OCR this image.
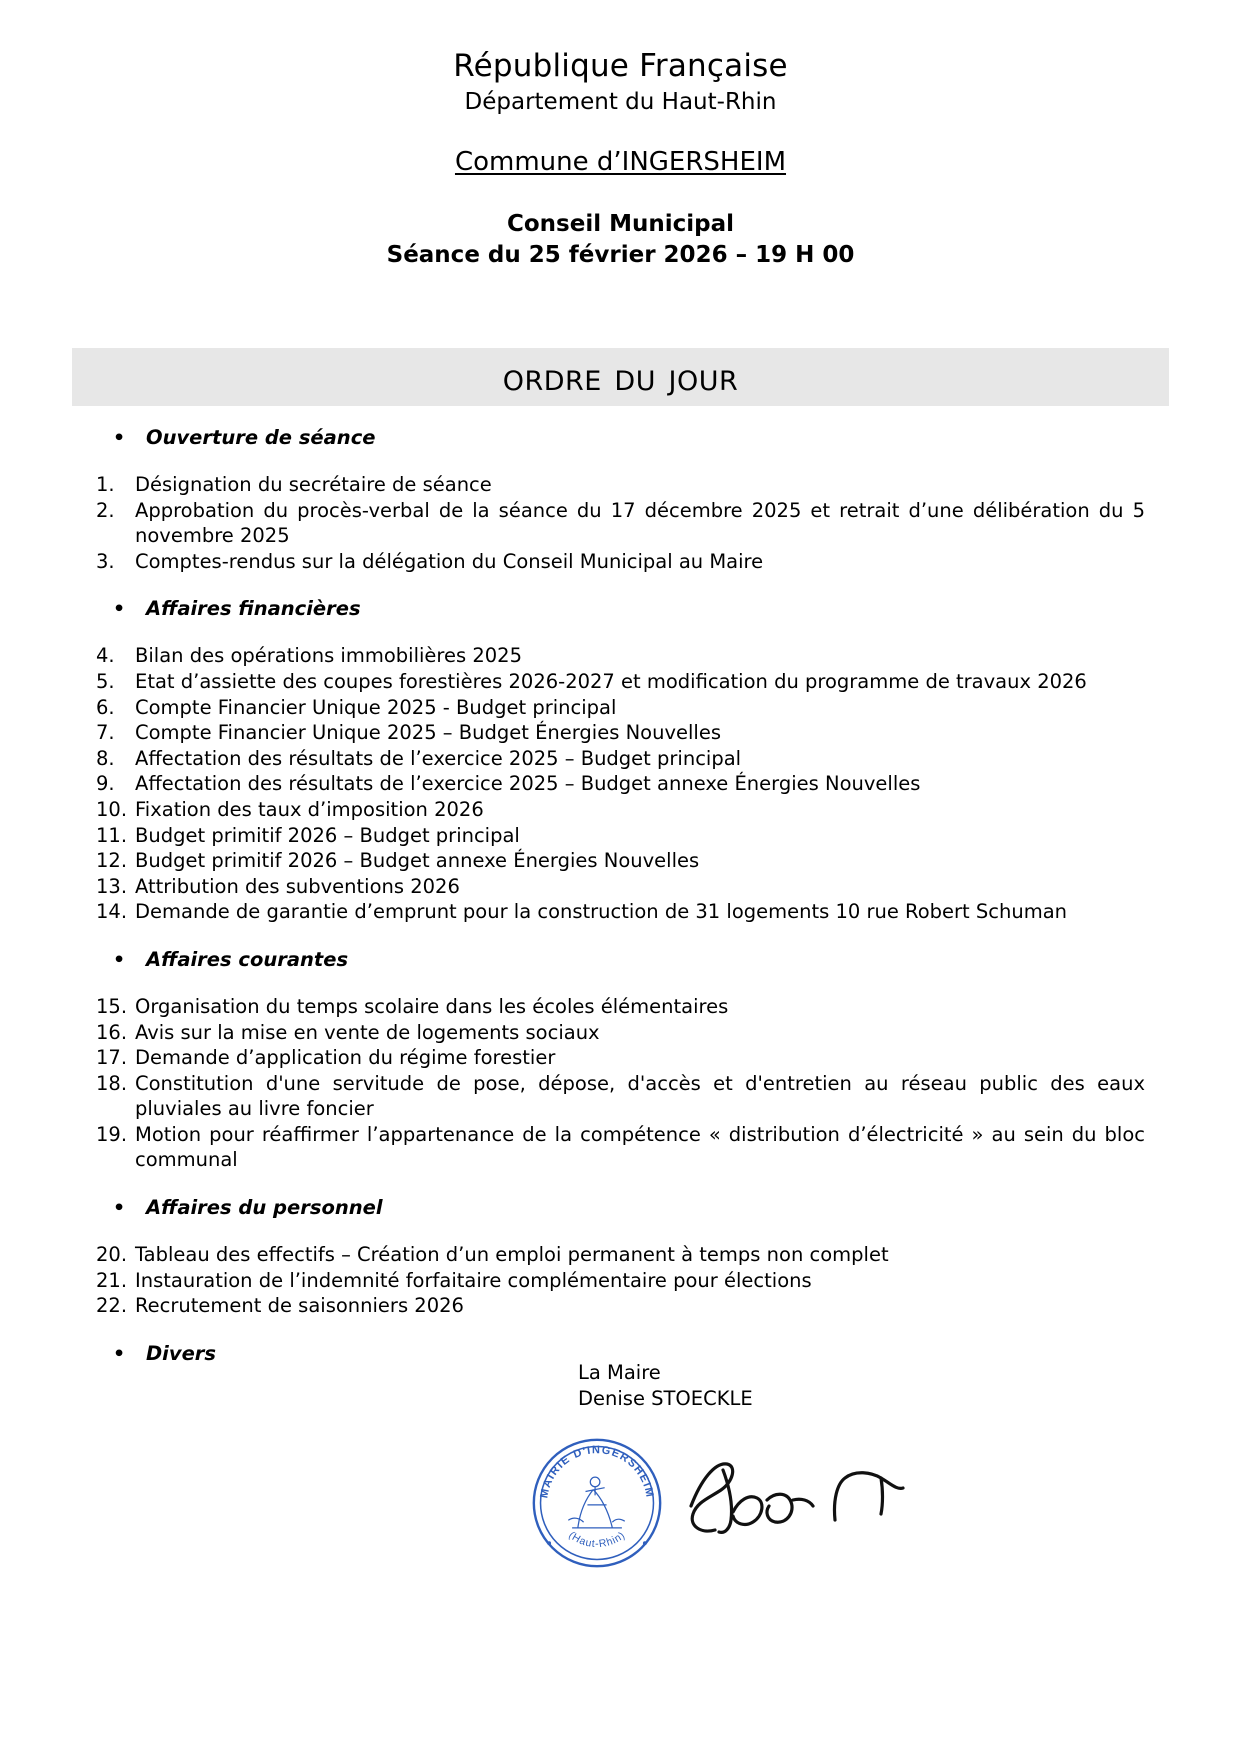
République Française
Département du Haut-Rhin
Commune d’INGERSHEIM
Conseil Municipal
Séance du 25 février 2026 – 19 H 00
ordre du jour
• Ouverture de séance
1.	Désignation du secrétaire de séance
2.	Approbation du procès-verbal de la séance du 17 décembre 2025 et retrait d’une délibération du 5 novembre 2025
3.	Comptes-rendus sur la délégation du Conseil Municipal au Maire
• Affaires financières
4.	Bilan des opérations immobilières 2025
5.	Etat d’assiette des coupes forestières 2026-2027 et modification du programme de travaux 2026
6.	Compte Financier Unique 2025 - Budget principal
7.	Compte Financier Unique 2025 – Budget Énergies Nouvelles
8.	Affectation des résultats de l’exercice 2025 – Budget principal
9.	Affectation des résultats de l’exercice 2025 – Budget annexe Énergies Nouvelles
10. Fixation des taux d’imposition 2026
11. Budget primitif 2026 – Budget principal
12. Budget primitif 2026 – Budget annexe Énergies Nouvelles
13. Attribution des subventions 2026
14. Demande de garantie d’emprunt pour la construction de 31 logements 10 rue Robert Schuman
• Affaires courantes
15. Organisation du temps scolaire dans les écoles élémentaires
16. Avis sur la mise en vente de logements sociaux
17. Demande d’application du régime forestier
18. Constitution d'une servitude de pose, dépose, d'accès et d'entretien au réseau public des eaux pluviales au livre foncier
19. Motion pour réaffirmer l’appartenance de la compétence « distribution d’électricité » au sein du bloc communal
• Affaires du personnel
20. Tableau des effectifs – Création d’un emploi permanent à temps non complet
21. Instauration de l’indemnité forfaitaire complémentaire pour élections
22. Recrutement de saisonniers 2026
• Divers
La Maire
Denise STOECKLE
MAIRIE D'INGERSHEIM
(Haut-Rhin)
